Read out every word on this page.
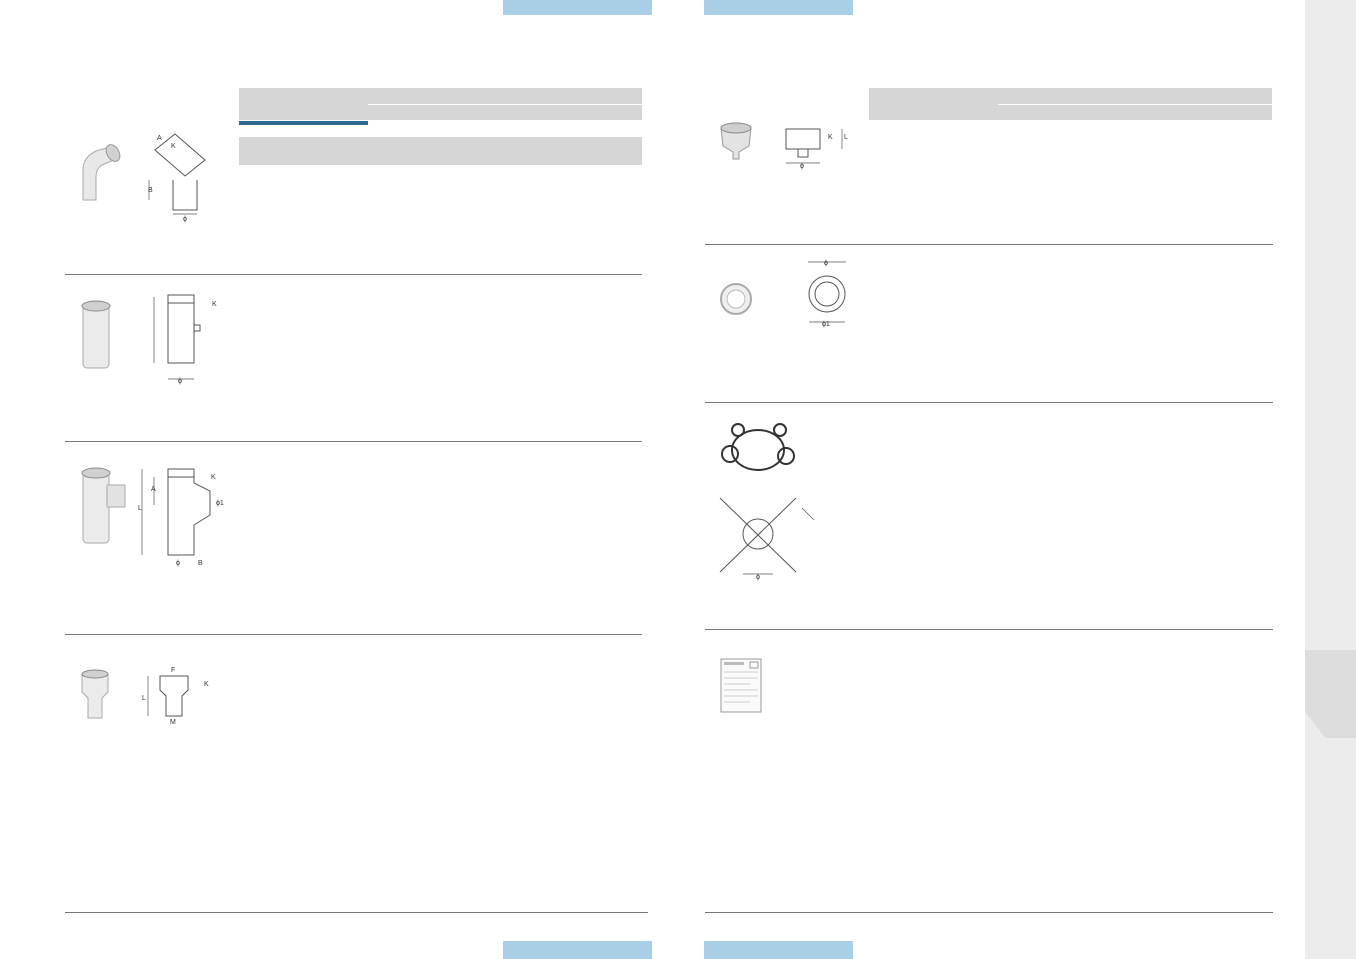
A
K
B
ϕ
K
ϕ
K
A
L
ϕ1
ϕ	B
F
M
K
L
K L
ϕ
ϕ
ϕ1
ϕ
